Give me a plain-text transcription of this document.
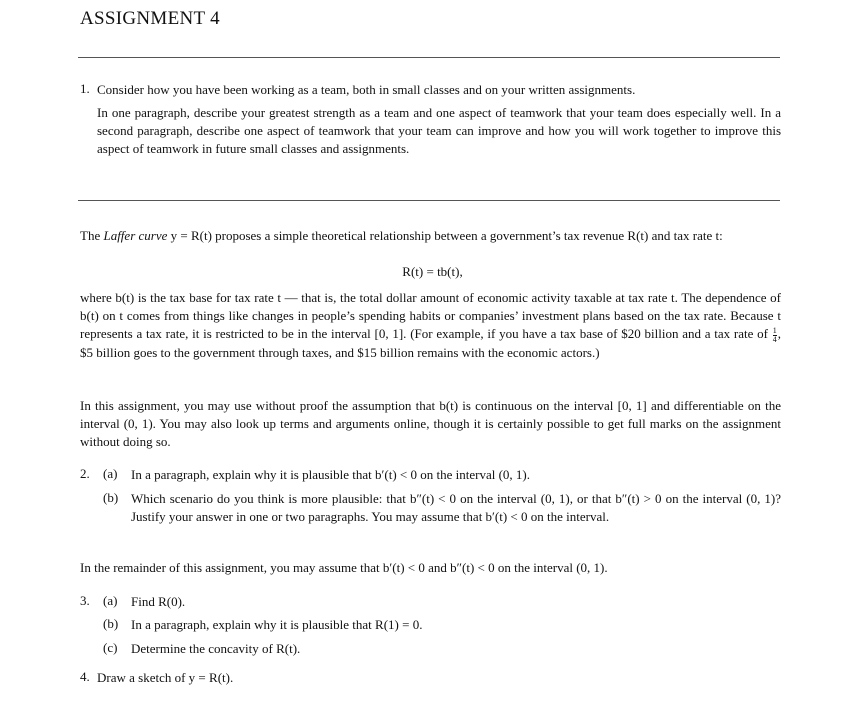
ASSIGNMENT 4
1. Consider how you have been working as a team, both in small classes and on your written assignments.
In one paragraph, describe your greatest strength as a team and one aspect of teamwork that your team does especially well. In a second paragraph, describe one aspect of teamwork that your team can improve and how you will work together to improve this aspect of teamwork in future small classes and assignments.
The Laffer curve y = R(t) proposes a simple theoretical relationship between a government’s tax revenue R(t) and tax rate t:
R(t) = tb(t),
where b(t) is the tax base for tax rate t — that is, the total dollar amount of economic activity taxable at tax rate t. The dependence of b(t) on t comes from things like changes in people’s spending habits or companies’ investment plans based on the tax rate. Because t represents a tax rate, it is restricted to be in the interval [0, 1]. (For example, if you have a tax base of $20 billion and a tax rate of $\frac{1}{4}$ , $5 billion goes to the government through taxes, and $15 billion remains with the economic actors.)
In this assignment, you may use without proof the assumption that b(t) is continuous on the interval [0, 1] and differentiable on the interval (0, 1). You may also look up terms and arguments online, though it is certainly possible to get full marks on the assignment without doing so.
2. (a) In a paragraph, explain why it is plausible that b′(t) < 0 on the interval (0, 1).
(b) Which scenario do you think is more plausible: that b″(t) < 0 on the interval (0, 1), or that b″(t) > 0 on the interval (0, 1)? Justify your answer in one or two paragraphs. You may assume that b′(t) < 0 on the interval.
In the remainder of this assignment, you may assume that b′(t) < 0 and b″(t) < 0 on the interval (0, 1).
3. (a) Find R(0).
(b) In a paragraph, explain why it is plausible that R(1) = 0.
(c) Determine the concavity of R(t).
4. Draw a sketch of y = R(t).
